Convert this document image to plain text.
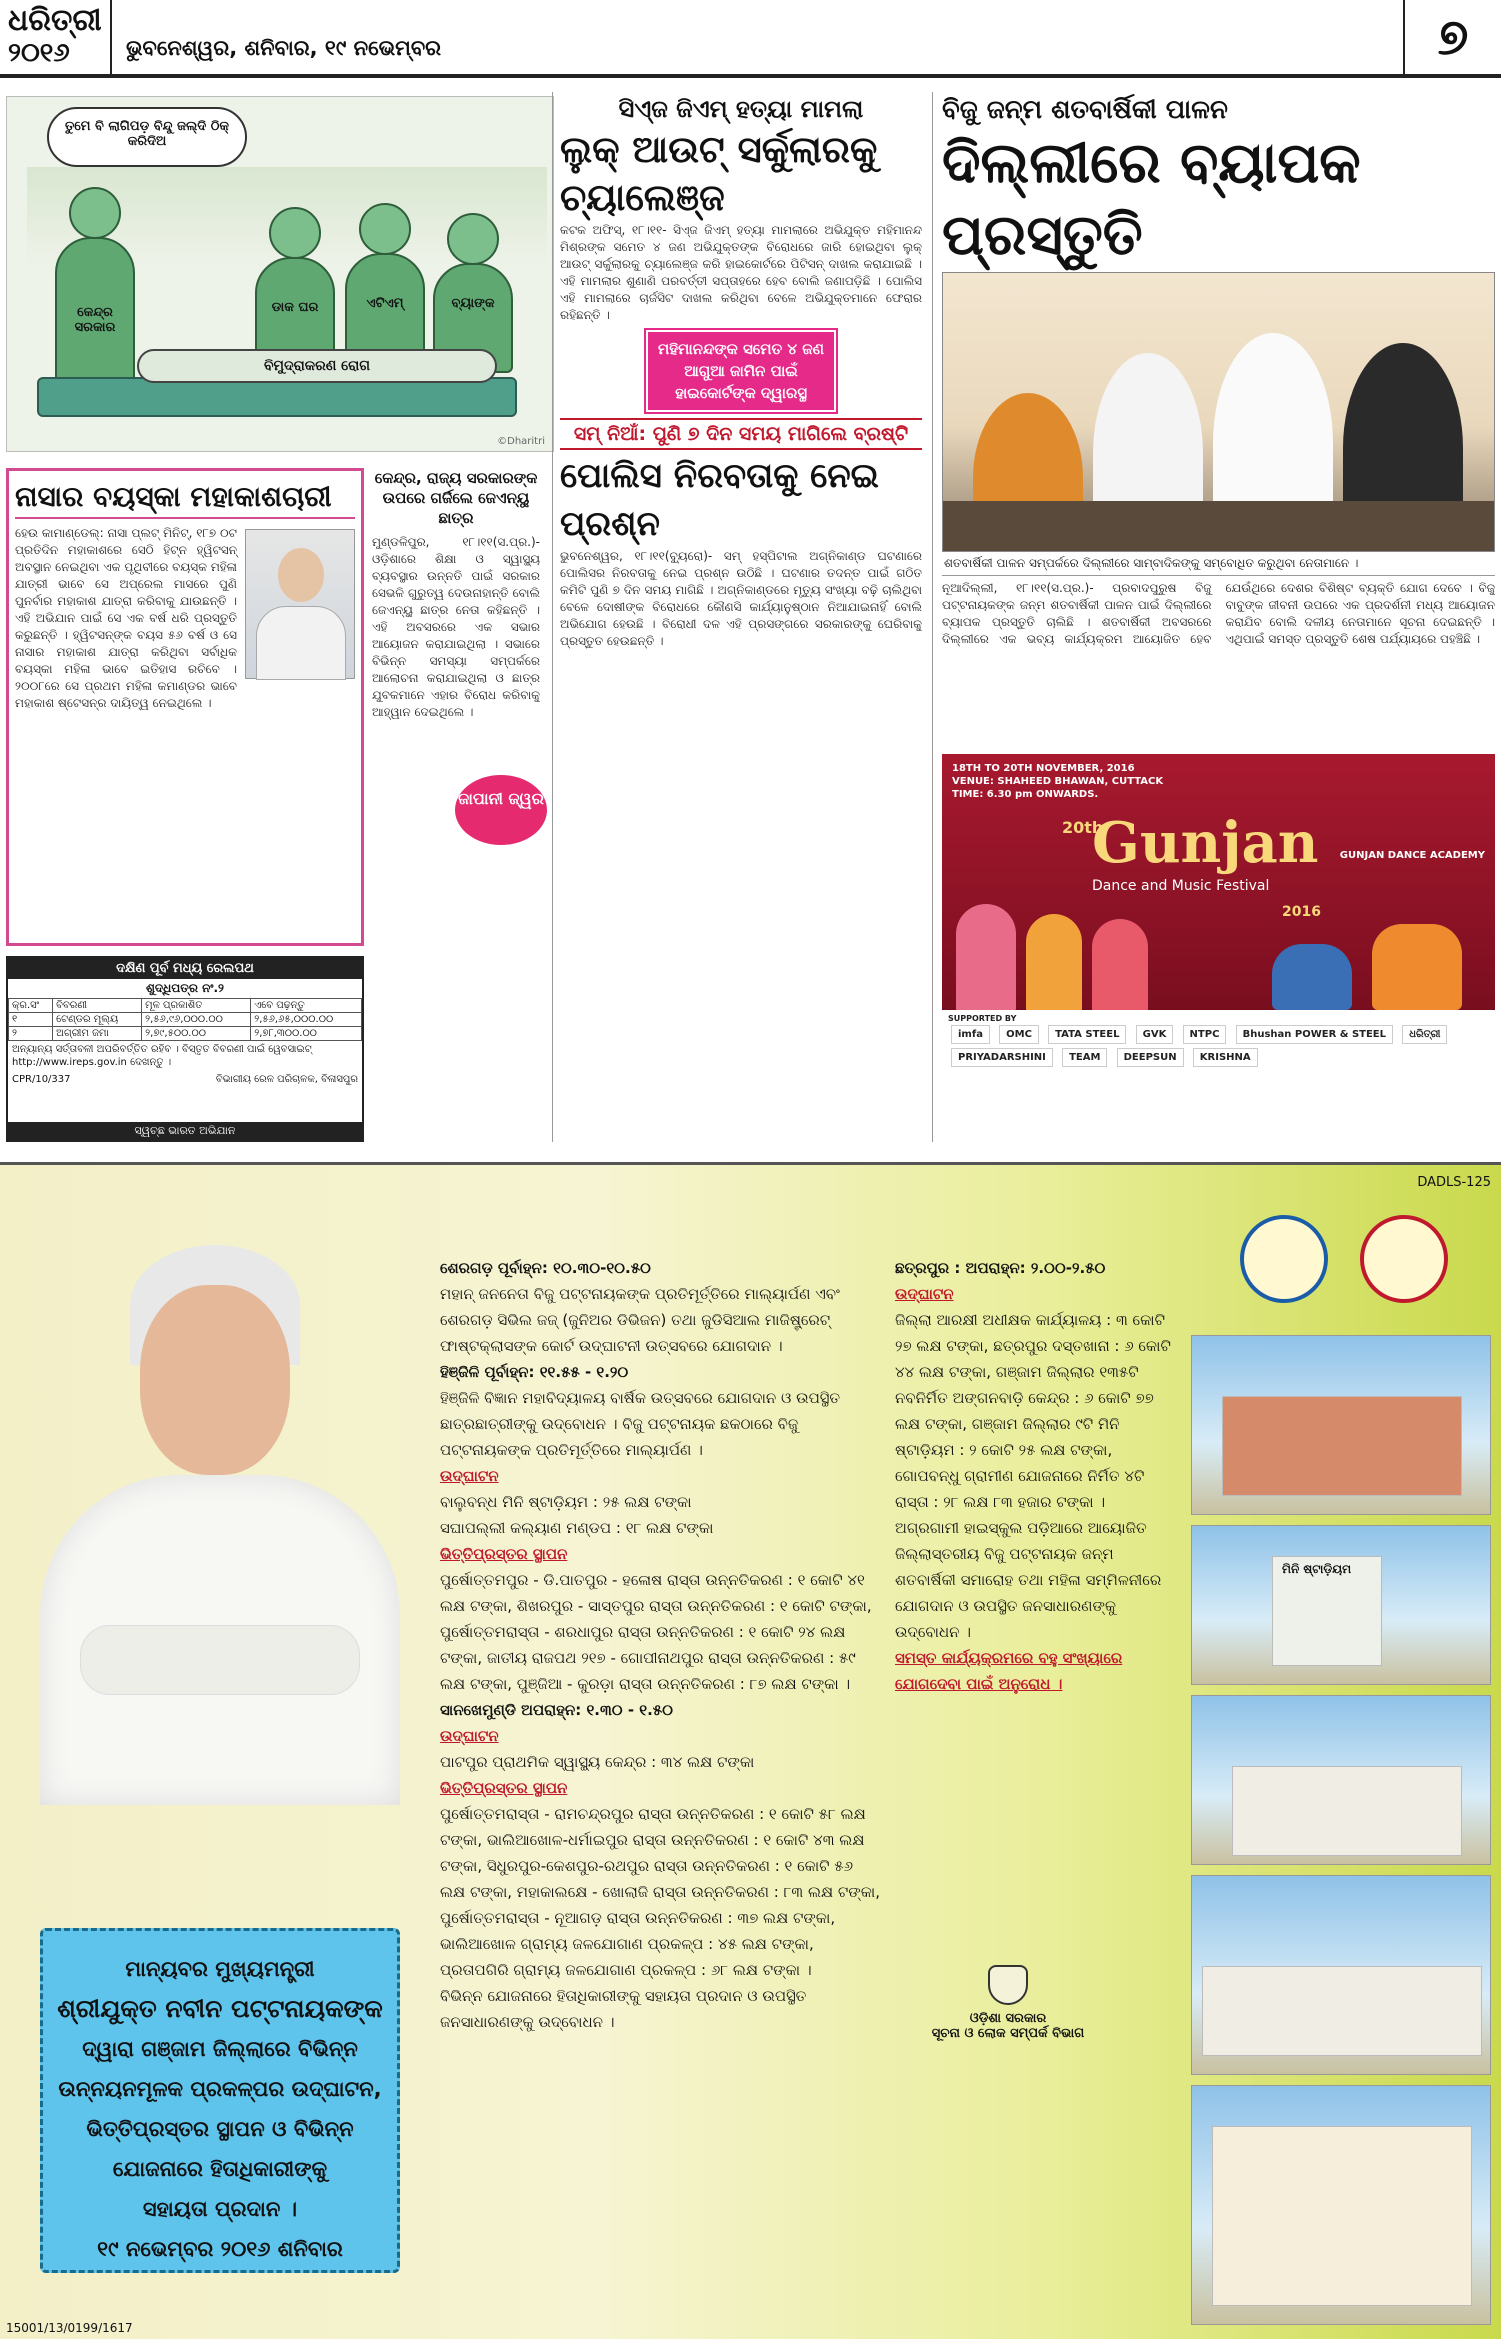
ଧରିତ୍ରୀ
୨୦୧୬	ଭୁବନେଶ୍ୱର, ଶନିବାର, ୧୯ ନଭେମ୍ବର	୭
ତୁମେ ବି ଲାଗିପଡ଼ ବିନ୍ଦୁ ଜଲ୍‌ଦି ଠିକ୍ କରିଦିଅ
କେନ୍ଦ୍ର ସରକାର
ଡାକ ଘର	ଏଟିଏମ୍	ବ୍ୟାଙ୍କ
ବିମୁଦ୍ରାକରଣ ରୋଗ
©Dharitri
ନାସାର ବୟସ୍କା ମହାକାଶଚାରୀ

ହେଉ କାମାଣ୍ଡେଲ୍: ନାସା ପ୍ଲଟ୍ ମିନିଟ୍, ୧୮୭ ୦ଟ ପ୍ରତିଦିନ ମହାକାଶରେ ସେଠି ହିଟ୍‌ନ ହ୍ୱିଟସନ୍ ଅବସ୍ଥାନ ନେଇଥିବା ଏକ ପୃଥିବୀରେ ବୟସ୍କ ମହିଳା ଯାତ୍ରୀ ଭାବେ ସେ ଅପ୍ରେଲ ମାସରେ ପୁଣି ପୁନର୍ବାର ମହାକାଶ ଯାତ୍ରା କରିବାକୁ ଯାଉଛନ୍ତି । ଏହି ଅଭିଯାନ ପାଇଁ ସେ ଏକ ବର୍ଷ ଧରି ପ୍ରସ୍ତୁତି କରୁଛନ୍ତି । ହ୍ୱିଟସନ୍‌ଙ୍କ ବୟସ ୫୬ ବର୍ଷ ଓ ସେ ନାସାର ମହାକାଶ ଯାତ୍ରା କରିଥିବା ସର୍ବାଧିକ ବୟସ୍କା ମହିଳା ଭାବେ ଇତିହାସ ରଚିବେ । ୨୦୦୮ରେ ସେ ପ୍ରଥମ ମହିଳା କମାଣ୍ଡର ଭାବେ ମହାକାଶ ଷ୍ଟେସନ୍‌ର ଦାୟିତ୍ୱ ନେଇଥିଲେ ।

ଦକ୍ଷିଣ ପୂର୍ବ ମଧ୍ୟ ରେଲପଥ
ଶୁଦ୍ଧିପତ୍ର ନଂ.୨
କ୍ର.ସଂ	ବିବରଣୀ	ମୂଳ ପ୍ରକାଶିତ	ଏବେ ପଢ଼ନ୍ତୁ
୧	ଟେଣ୍ଡର ମୂଲ୍ୟ	୨,୫୬,୯୬,୦୦୦.୦୦	୨,୫୬,୬୫,୦୦୦.୦୦
୨	ଅଗ୍ରୀମ ଜମା	୨,୭୯,୫୦୦.୦୦	୨,୭୮,୩୦୦.୦୦
ଅନ୍ୟାନ୍ୟ ସର୍ତ୍ତାବଳୀ ଅପରିବର୍ତ୍ତିତ ରହିବ । ବିସ୍ତୃତ ବିବରଣୀ ପାଇଁ ୱେବସାଇଟ୍ http://www.ireps.gov.in ଦେଖନ୍ତୁ ।
CPR/10/337	ବିଭାଗୀୟ ରେଳ ପରିଚାଳକ, ବିଳାସପୁର
ସ୍ୱଚ୍ଛ ଭାରତ ଅଭିଯାନ
କେନ୍ଦ୍ର, ରାଜ୍ୟ ସରକାରଙ୍କ ଉପରେ ଗର୍ଜିଲେ ଜେଏନ୍‌ୟୁ ଛାତ୍ର

ମୁଣ୍ଡଳିପୁର, ୧୮।୧୧(ସ.ପ୍ର.)- ଓଡ଼ିଶାରେ ଶିକ୍ଷା ଓ ସ୍ୱାସ୍ଥ୍ୟ ବ୍ୟବସ୍ଥାର ଉନ୍ନତି ପାଇଁ ସରକାର ସେଭଳି ଗୁରୁତ୍ୱ ଦେଉନାହାନ୍ତି ବୋଲି ଜେଏନ୍‌ୟୁ ଛାତ୍ର ନେତା କହିଛନ୍ତି । ଏହି ଅବସରରେ ଏକ ସଭାର ଆୟୋଜନ କରାଯାଇଥିଲା । ସଭାରେ ବିଭିନ୍ନ ସମସ୍ୟା ସମ୍ପର୍କରେ ଆଲୋଚନା କରାଯାଇଥିଲା ଓ ଛାତ୍ର ଯୁବକମାନେ ଏହାର ବିରୋଧ କରିବାକୁ ଆହ୍ୱାନ ଦେଇଥିଲେ ।

ଜାପାନୀ ଜ୍ୱର
ସିଏ୍ଜ ଜିଏମ୍ ହତ୍ୟା ମାମଲା
ଲୁକ୍ ଆଉଟ୍ ସର୍କୁଲାରକୁ ଚ୍ୟାଲେଞ୍ଜ

କଟକ ଅଫିସ୍, ୧୮।୧୧- ସିଏ୍ଜ ଜିଏମ୍ ହତ୍ୟା ମାମଲାରେ ଅଭିଯୁକ୍ତ ମହିମାନନ୍ଦ ମିଶ୍ରଙ୍କ ସମେତ ୪ ଜଣ ଅଭିଯୁକ୍ତଙ୍କ ବିରୋଧରେ ଜାରି ହୋଇଥିବା ଲୁକ୍ ଆଉଟ୍ ସର୍କୁଲାରକୁ ଚ୍ୟାଲେଞ୍ଜ କରି ହାଇକୋର୍ଟରେ ପିଟିସନ୍ ଦାଖଲ କରାଯାଇଛି । ଏହି ମାମଲାର ଶୁଣାଣି ପରବର୍ତ୍ତୀ ସପ୍ତାହରେ ହେବ ବୋଲି ଜଣାପଡ଼ିଛି । ପୋଲିସ ଏହି ମାମଲାରେ ଚାର୍ଜସିଟ ଦାଖଲ କରିଥିବା ବେଳେ ଅଭିଯୁକ୍ତମାନେ ଫେରାର ରହିଛନ୍ତି ।

ମହିମାନନ୍ଦଙ୍କ ସମେତ ୪ ଜଣ ଆଗୁଆ ଜାମିନ ପାଇଁ ହାଇକୋର୍ଟଙ୍କ ଦ୍ୱାରସ୍ଥ
ସମ୍ ନିଆଁ: ପୁଣି ୭ ଦିନ ସମୟ ମାଗିଲେ ବ୍ରଷ୍ଟି
ପୋଲିସ ନିରବତାକୁ ନେଇ ପ୍ରଶ୍ନ

ଭୁବନେଶ୍ୱର, ୧୮।୧୧(ବ୍ୟୁରୋ)- ସମ୍ ହସ୍ପିଟାଲ ଅଗ୍ନିକାଣ୍ଡ ଘଟଣାରେ ପୋଲିସର ନିରବତାକୁ ନେଇ ପ୍ରଶ୍ନ ଉଠିଛି । ଘଟଣାର ତଦନ୍ତ ପାଇଁ ଗଠିତ କମିଟି ପୁଣି ୭ ଦିନ ସମୟ ମାଗିଛି । ଅଗ୍ନିକାଣ୍ଡରେ ମୃତ୍ୟୁ ସଂଖ୍ୟା ବଢ଼ି ଚାଲିଥିବା ବେଳେ ଦୋଷୀଙ୍କ ବିରୋଧରେ କୌଣସି କାର୍ଯ୍ୟାନୁଷ୍ଠାନ ନିଆଯାଇନାହିଁ ବୋଲି ଅଭିଯୋଗ ହେଉଛି । ବିରୋଧୀ ଦଳ ଏହି ପ୍ରସଙ୍ଗରେ ସରକାରଙ୍କୁ ଘେରିବାକୁ ପ୍ରସ୍ତୁତ ହେଉଛନ୍ତି ।

ବିଜୁ ଜନ୍ମ ଶତବାର୍ଷିକୀ ପାଳନ
ଦିଲ୍ଲୀରେ ବ୍ୟାପକ ପ୍ରସ୍ତୁତି
ଶତବାର୍ଷିକୀ ପାଳନ ସମ୍ପର୍କରେ ଦିଲ୍ଲୀରେ ସାମ୍ବାଦିକଙ୍କୁ ସମ୍ବୋଧିତ କରୁଥିବା ନେତାମାନେ ।

ନୂଆଦିଲ୍ଲୀ, ୧୮।୧୧(ସ.ପ୍ର.)- ପ୍ରବାଦପୁରୁଷ ବିଜୁ ପଟ୍ଟନାୟକଙ୍କ ଜନ୍ମ ଶତବାର୍ଷିକୀ ପାଳନ ପାଇଁ ଦିଲ୍ଲୀରେ ବ୍ୟାପକ ପ୍ରସ୍ତୁତି ଚାଲିଛି । ଶତବାର୍ଷିକୀ ଅବସରରେ ଦିଲ୍ଲୀରେ ଏକ ଭବ୍ୟ କାର୍ଯ୍ୟକ୍ରମ ଆୟୋଜିତ ହେବ ଯେଉଁଥିରେ ଦେଶର ବିଶିଷ୍ଟ ବ୍ୟକ୍ତି ଯୋଗ ଦେବେ । ବିଜୁ ବାବୁଙ୍କ ଜୀବନୀ ଉପରେ ଏକ ପ୍ରଦର୍ଶନୀ ମଧ୍ୟ ଆୟୋଜନ କରାଯିବ ବୋଲି ଦଳୀୟ ନେତାମାନେ ସୂଚନା ଦେଇଛନ୍ତି । ଏଥିପାଇଁ ସମସ୍ତ ପ୍ରସ୍ତୁତି ଶେଷ ପର୍ଯ୍ୟାୟରେ ପହଞ୍ଚିଛି ।

18TH TO 20TH NOVEMBER, 2016
VENUE: SHAHEED BHAWAN, CUTTACK
TIME: 6.30 pm ONWARDS.
20th
Gunjan
Dance and Music Festival
2016
GUNJAN DANCE ACADEMY
SUPPORTED BY
imfa OMC TATA STEEL GVK NTPC Bhushan POWER & STEEL ଧରିତ୍ରୀ PRIYADARSHINI TEAM DEEPSUN KRISHNA
DADLS-125

ମାନ୍ୟବର ମୁଖ୍ୟମନ୍ତ୍ରୀ

ଶ୍ରୀଯୁକ୍ତ ନବୀନ ପଟ୍ଟନାୟକଙ୍କ

ଦ୍ୱାରା ଗଞ୍ଜାମ ଜିଲ୍ଲାରେ ବିଭିନ୍ନ

ଉନ୍ନୟନମୂଳକ ପ୍ରକଳ୍ପର ଉଦ୍‌ଘାଟନ,

ଭିତ୍ତିପ୍ରସ୍ତର ସ୍ଥାପନ ଓ ବିଭିନ୍ନ

ଯୋଜନାରେ ହିତାଧିକାରୀଙ୍କୁ

ସହାୟତା ପ୍ରଦାନ ।

୧୯ ନଭେମ୍ବର ୨୦୧୬ ଶନିବାର

ଶେରଗଡ଼ ପୂର୍ବାହ୍ନ: ୧୦.୩୦-୧୦.୫୦
ମହାନ୍ ଜନନେତା ବିଜୁ ପଟ୍ଟନାୟକଙ୍କ ପ୍ରତିମୂର୍ତ୍ତିରେ ମାଲ୍ୟାର୍ପଣ ଏବଂ ଶେରଗଡ଼ ସିଭିଲ ଜଜ୍ (ଜୁନିଅର ଡିଭିଜନ) ତଥା ଜୁଡିସିଆଲ ମାଜିଷ୍ଟ୍ରେଟ୍ ଫାଷ୍ଟକ୍ଲାସଙ୍କ କୋର୍ଟ ଉଦ୍‌ଘାଟନୀ ଉତ୍ସବରେ ଯୋଗଦାନ ।
ହିଞ୍ଜିଳି ପୂର୍ବାହ୍ନ: ୧୧.୫୫ - ୧.୨୦
ହିଞ୍ଜିଳି ବିଜ୍ଞାନ ମହାବିଦ୍ୟାଳୟ ବାର୍ଷିକ ଉତ୍ସବରେ ଯୋଗଦାନ ଓ ଉପସ୍ଥିତ ଛାତ୍ରଛାତ୍ରୀଙ୍କୁ ଉଦ୍‌ବୋଧନ । ବିଜୁ ପଟ୍ଟନାୟକ ଛକଠାରେ ବିଜୁ ପଟ୍ଟନାୟକଙ୍କ ପ୍ରତିମୂର୍ତ୍ତିରେ ମାଲ୍ୟାର୍ପଣ ।
ଉଦ୍‌ଘାଟନ
ବାଲୁବନ୍ଧ ମିନି ଷ୍ଟାଡ଼ିୟମ : ୨୫ ଲକ୍ଷ ଟଙ୍କା
ସଘାପଲ୍ଲୀ କଲ୍ୟାଣ ମଣ୍ଡପ : ୧୮ ଲକ୍ଷ ଟଙ୍କା
ଭିତ୍ତିପ୍ରସ୍ତର ସ୍ଥାପନ
ପୁର୍ଷୋତ୍ତମପୁର - ଡି.ପାତପୁର - ହଳୋଷ ରାସ୍ତା ଉନ୍ନତିକରଣ : ୧ କୋଟି ୪୧ ଲକ୍ଷ ଟଙ୍କା, ଶିଖରପୁର - ସାସ୍ତପୁର ରାସ୍ତା ଉନ୍ନତିକରଣ : ୧ କୋଟି ଟଙ୍କା, ପୁର୍ଷୋତ୍ତମରାସ୍ତା - ଶରଧାପୁର ରାସ୍ତା ଉନ୍ନତିକରଣ : ୧ କୋଟି ୨୪ ଲକ୍ଷ ଟଙ୍କା, ଜାତୀୟ ରାଜପଥ ୨୧୭ - ଗୋପୀନାଥପୁର ରାସ୍ତା ଉନ୍ନତିକରଣ : ୫୯ ଲକ୍ଷ ଟଙ୍କା, ପୁଞ୍ଜିଆ - କୁରଡ଼ା ରାସ୍ତା ଉନ୍ନତିକରଣ : ୮୭ ଲକ୍ଷ ଟଙ୍କା ।
ସାନଖେମୁଣ୍ଡି ଅପରାହ୍ନ: ୧.୩୦ - ୧.୫୦
ଉଦ୍‌ଘାଟନ
ପାଟପୁର ପ୍ରାଥମିକ ସ୍ୱାସ୍ଥ୍ୟ କେନ୍ଦ୍ର : ୩୪ ଲକ୍ଷ ଟଙ୍କା
ଭିତ୍ତିପ୍ରସ୍ତର ସ୍ଥାପନ
ପୁର୍ଷୋତ୍ତମରାସ୍ତା - ରାମଚନ୍ଦ୍ରପୁର ରାସ୍ତା ଉନ୍ନତିକରଣ : ୧ କୋଟି ୫୮ ଲକ୍ଷ ଟଙ୍କା, ଭାଲିଆଖୋଳ-ଧର୍ମାଇପୁର ରାସ୍ତା ଉନ୍ନତିକରଣ : ୧ କୋଟି ୪୩ ଲକ୍ଷ ଟଙ୍କା, ସିଧୁରପୁର-କେଶପୁର-ରଥପୁର ରାସ୍ତା ଉନ୍ନତିକରଣ : ୧ କୋଟି ୫୬ ଲକ୍ଷ ଟଙ୍କା, ମହାକାଲକ୍ଷେ - ଖୋଲାଜି ରାସ୍ତା ଉନ୍ନତିକରଣ : ୮୩ ଲକ୍ଷ ଟଙ୍କା, ପୁର୍ଷୋତ୍ତମରାସ୍ତା - ନୂଆଗଡ଼ ରାସ୍ତା ଉନ୍ନତିକରଣ : ୩୭ ଲକ୍ଷ ଟଙ୍କା, ଭାଲିଆଖୋଳ ଗ୍ରାମ୍ୟ ଜଳଯୋଗାଣ ପ୍ରକଳ୍ପ : ୪୫ ଲକ୍ଷ ଟଙ୍କା, ପ୍ରତାପଗିରି ଗ୍ରାମ୍ୟ ଜଳଯୋଗାଣ ପ୍ରକଳ୍ପ : ୬୮ ଲକ୍ଷ ଟଙ୍କା ।
ବିଭିନ୍ନ ଯୋଜନାରେ ହିତାଧିକାରୀଙ୍କୁ ସହାୟତା ପ୍ରଦାନ ଓ ଉପସ୍ଥିତ ଜନସାଧାରଣଙ୍କୁ ଉଦ୍‌ବୋଧନ ।
ଛତ୍ରପୁର : ଅପରାହ୍ନ: ୨.୦୦-୨.୫୦
ଉଦ୍‌ଘାଟନ
ଜିଲ୍ଲା ଆରକ୍ଷୀ ଅଧୀକ୍ଷକ କାର୍ଯ୍ୟାଳୟ : ୩ କୋଟି ୨୭ ଲକ୍ଷ ଟଙ୍କା, ଛତ୍ରପୁର ଦସ୍ତଖାନା : ୬ କୋଟି ୪୪ ଲକ୍ଷ ଟଙ୍କା, ଗଞ୍ଜାମ ଜିଲ୍ଲାର ୧୩୫ଟି ନବନିର୍ମିତ ଅଙ୍ଗନବାଡ଼ି କେନ୍ଦ୍ର : ୬ କୋଟି ୭୭ ଲକ୍ଷ ଟଙ୍କା, ଗଞ୍ଜାମ ଜିଲ୍ଲାର ୯ଟି ମିନି ଷ୍ଟାଡ଼ିୟମ : ୨ କୋଟି ୨୫ ଲକ୍ଷ ଟଙ୍କା, ଗୋପବନ୍ଧୁ ଗ୍ରାମୀଣ ଯୋଜନାରେ ନିର୍ମିତ ୪ଟି ରାସ୍ତା : ୨୮ ଲକ୍ଷ ୮୩ ହଜାର ଟଙ୍କା ।
ଅଗ୍ରଗାମୀ ହାଇସ୍କୁଲ ପଡ଼ିଆରେ ଆୟୋଜିତ ଜିଲ୍ଲାସ୍ତରୀୟ ବିଜୁ ପଟ୍ଟନାୟକ ଜନ୍ମ ଶତବାର୍ଷିକୀ ସମାରୋହ ତଥା ମହିଳା ସମ୍ମିଳନୀରେ ଯୋଗଦାନ ଓ ଉପସ୍ଥିତ ଜନସାଧାରଣଙ୍କୁ ଉଦ୍‌ବୋଧନ ।
ସମସ୍ତ କାର୍ଯ୍ୟକ୍ରମରେ ବହୁ ସଂଖ୍ୟାରେ ଯୋଗଦେବା ପାଇଁ ଅନୁରୋଧ ।
ଓଡ଼ିଶା ସରକାର
ସୂଚନା ଓ ଲୋକ ସମ୍ପର୍କ ବିଭାଗ
ମିନି ଷ୍ଟାଡ଼ିୟମ
15001/13/0199/1617
